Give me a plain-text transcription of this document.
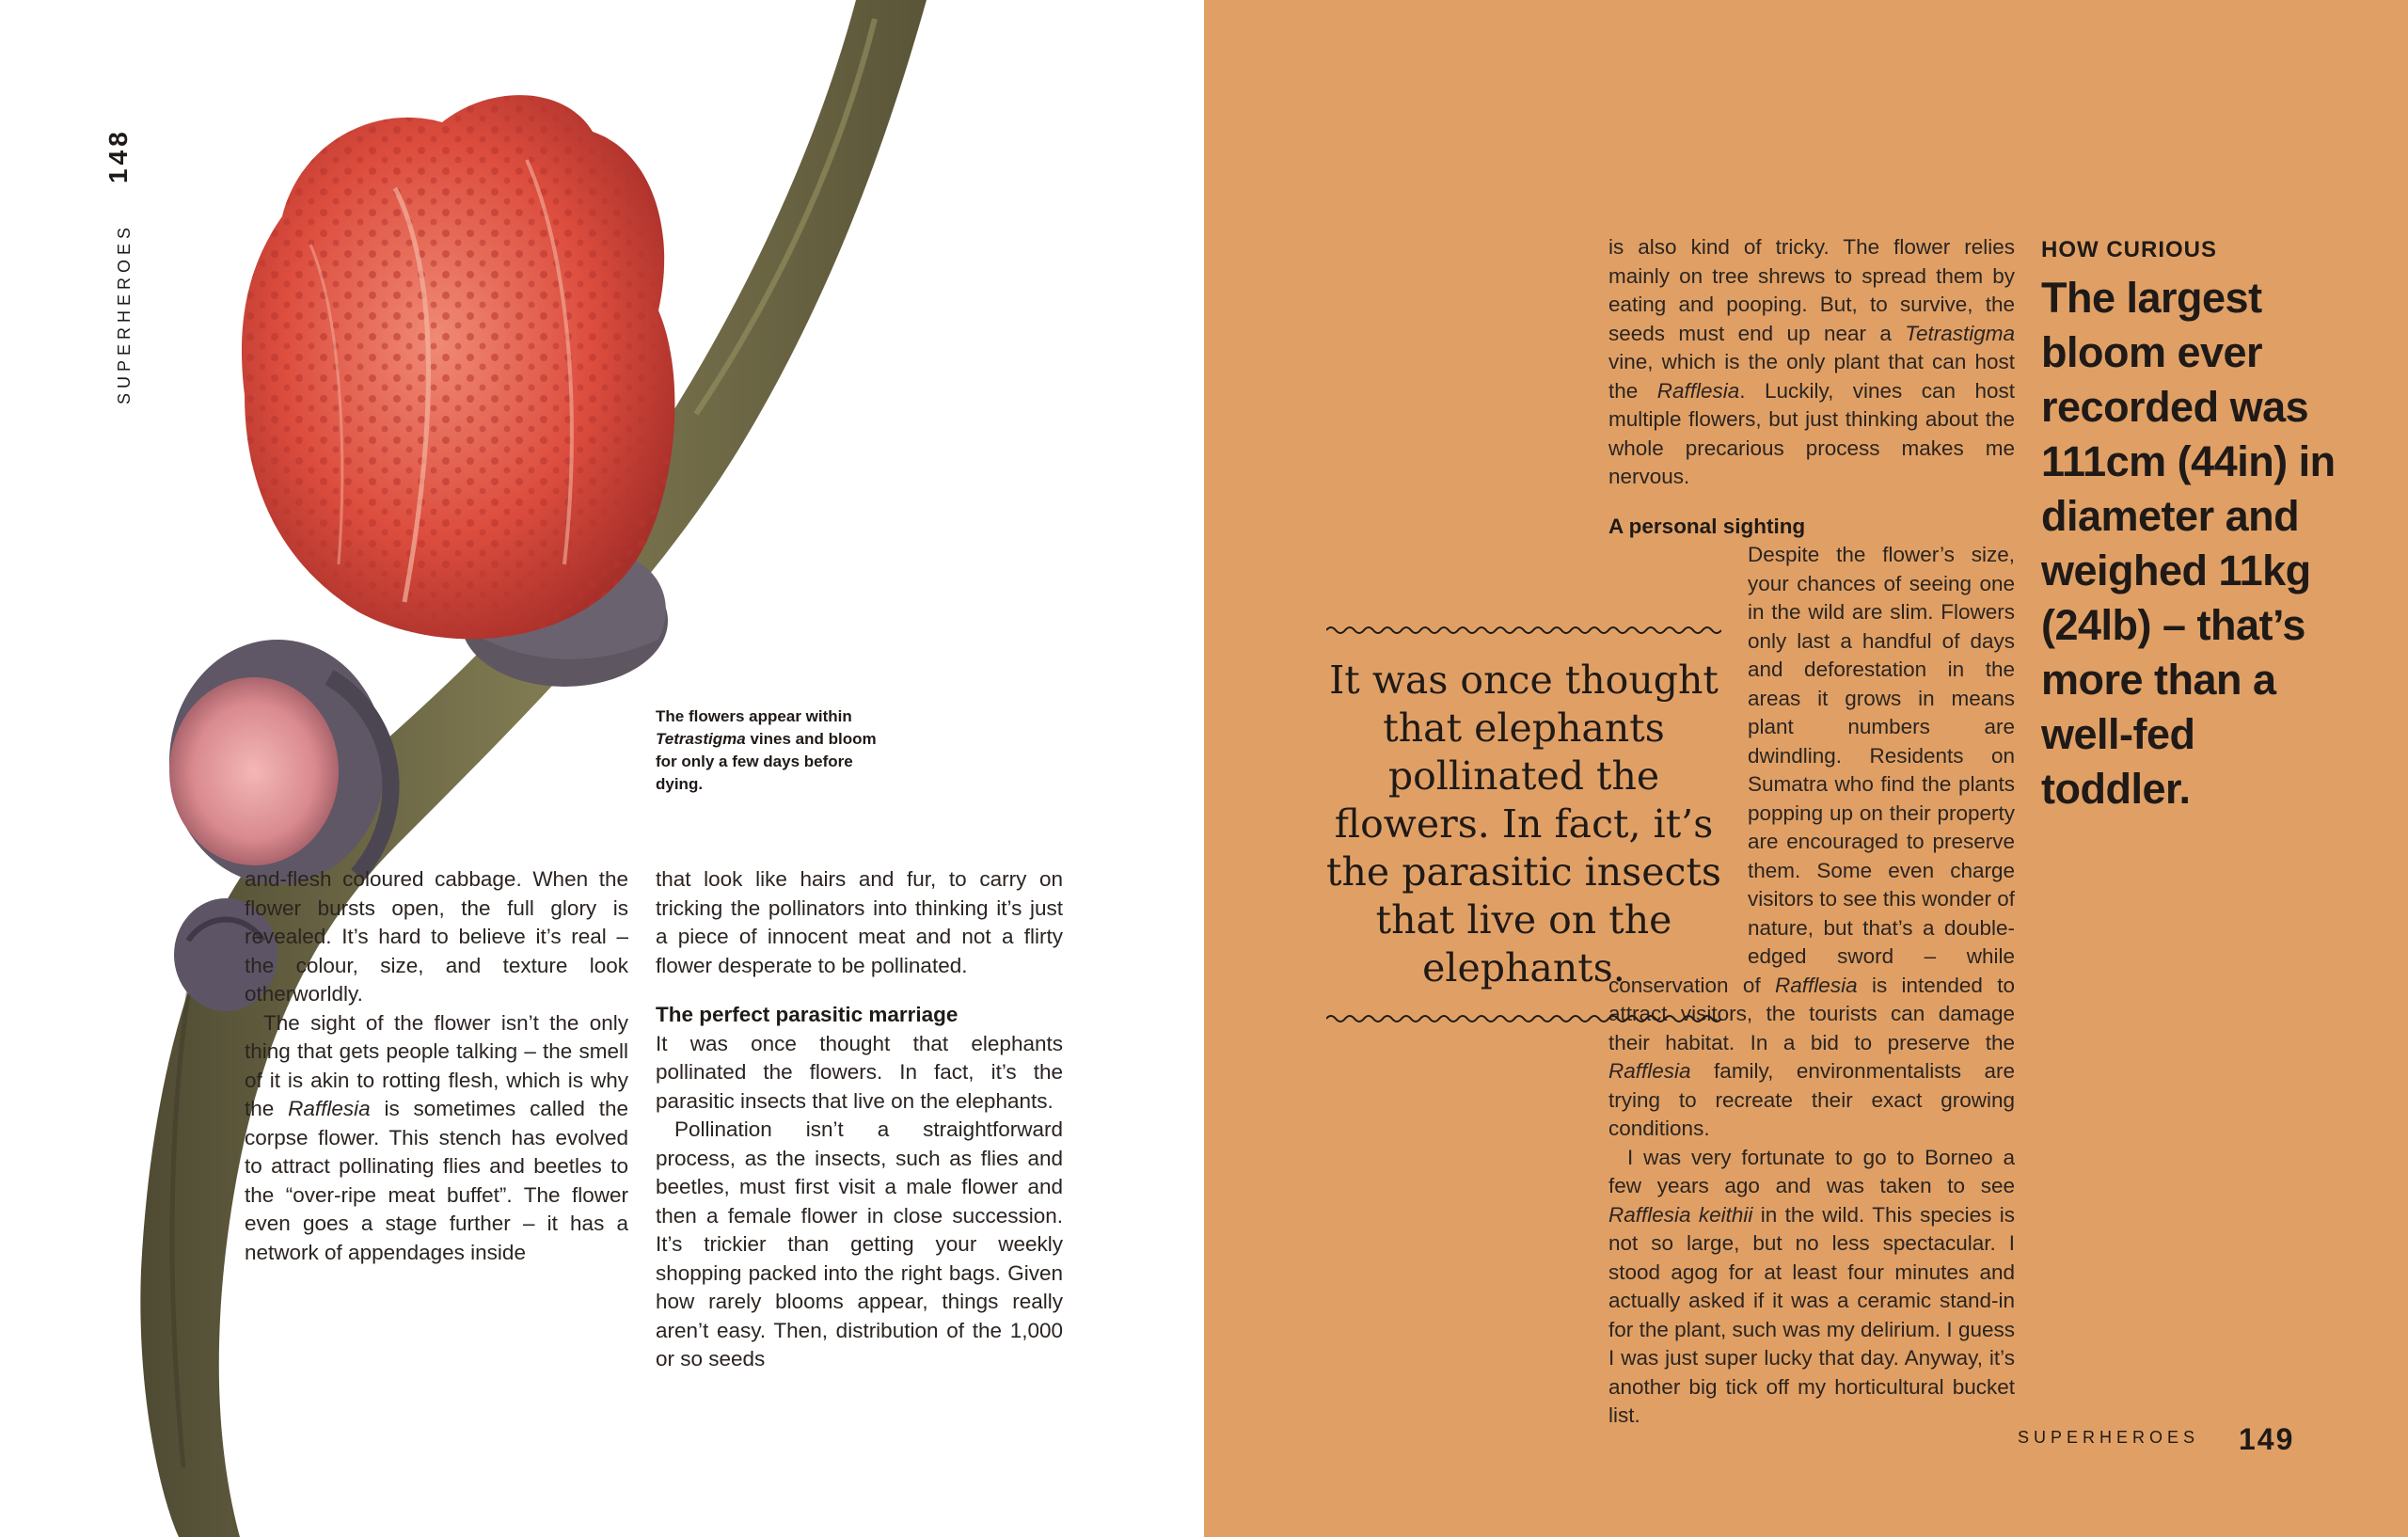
148
SUPERHEROES
The flowers appear within Tetrastigma vines and bloom for only a few days before dying.

and-flesh coloured cabbage. When the flower bursts open, the full glory is revealed. It’s hard to believe it’s real – the colour, size, and texture look otherworldly.

The sight of the flower isn’t the only thing that gets people talking – the smell of it is akin to rotting flesh, which is why the Rafflesia is sometimes called the corpse flower. This stench has evolved to attract pollinating flies and beetles to the “over-ripe meat buffet”. The flower even goes a stage further – it has a network of appendages inside

that look like hairs and fur, to carry on tricking the pollinators into thinking it’s just a piece of innocent meat and not a flirty flower desperate to be pollinated.

The perfect parasitic marriage

It was once thought that elephants pollinated the flowers. In fact, it’s the parasitic insects that live on the elephants.

Pollination isn’t a straightforward process, as the insects, such as flies and beetles, must first visit a male flower and then a female flower in close succession. It’s trickier than getting your weekly shopping packed into the right bags. Given how rarely blooms appear, things really aren’t easy. Then, distribution of the 1,000 or so seeds

is also kind of tricky. The flower relies mainly on tree shrews to spread them by eating and pooping. But, to survive, the seeds must end up near a Tetrastigma vine, which is the only plant that can host the Rafflesia. Luckily, vines can host multiple flowers, but just thinking about the whole precarious process makes me nervous.

A personal sighting

Despite the flower’s size, your chances of seeing one in the wild are slim. Flowers only last a handful of days and deforestation in the areas it grows in means plant numbers are dwindling. Residents on Sumatra who find the plants popping up on their property are encouraged to preserve them. Some even charge visitors to see this wonder of nature, but that’s a double-edged sword – while conservation of Rafflesia is intended to attract visitors, the tourists can damage their habitat. In a bid to preserve the Rafflesia family, environmentalists are trying to recreate their exact growing conditions.

I was very fortunate to go to Borneo a few years ago and was taken to see Rafflesia keithii in the wild. This species is not so large, but no less spectacular. I stood agog for at least four minutes and actually asked if it was a ceramic stand-in for the plant, such was my delirium. I guess I was just super lucky that day. Anyway, it’s another big tick off my horticultural bucket list.

It was once thought that elephants pollinated the flowers. In fact, it’s the parasitic insects that live on the elephants.
HOW CURIOUS
The largest bloom ever recorded was 111cm (44in) in diameter and weighed 11kg (24lb) – that’s more than a well-fed toddler.
SUPERHEROES	149
